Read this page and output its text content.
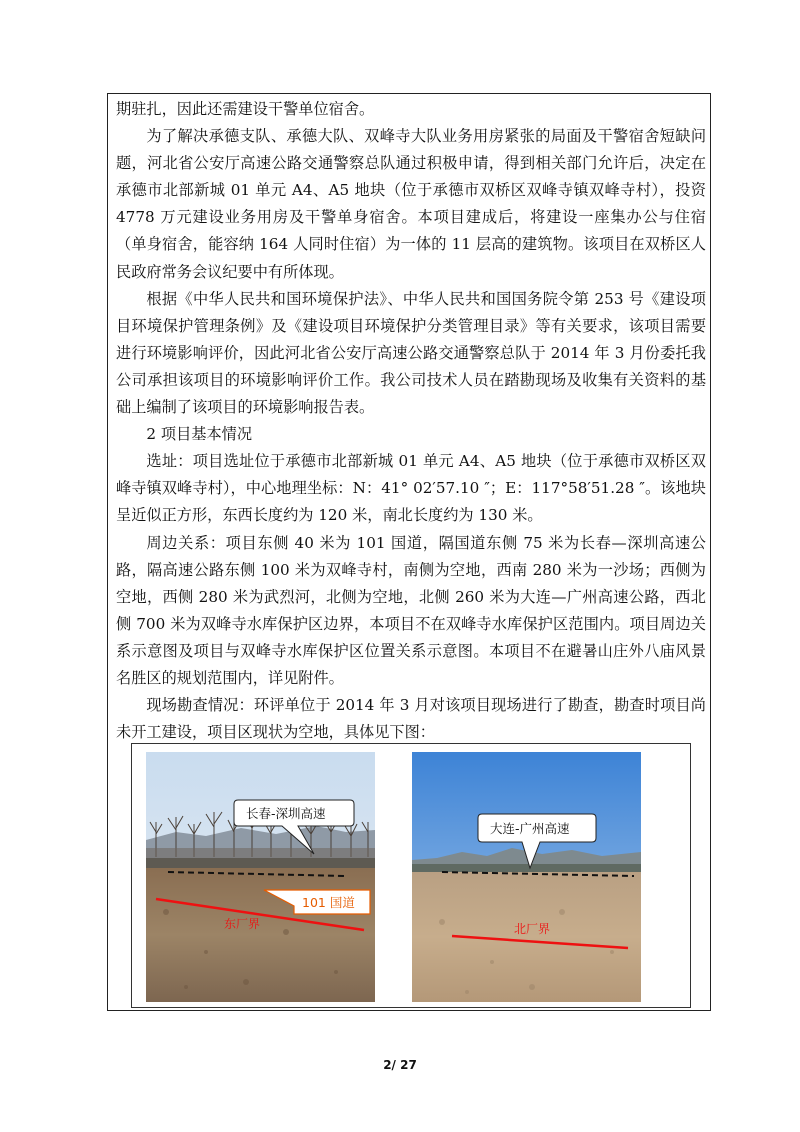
期驻扎，因此还需建设干警单位宿舍。

为了解决承德支队、承德大队、双峰寺大队业务用房紧张的局面及干警宿舍短缺问题，河北省公安厅高速公路交通警察总队通过积极申请，得到相关部门允许后，决定在承德市北部新城 01 单元 A4、A5 地块（位于承德市双桥区双峰寺镇双峰寺村），投资 4778 万元建设业务用房及干警单身宿舍。本项目建成后，将建设一座集办公与住宿（单身宿舍，能容纳 164 人同时住宿）为一体的 11 层高的建筑物。该项目在双桥区人民政府常务会议纪要中有所体现。

根据《中华人民共和国环境保护法》、中华人民共和国国务院令第 253 号《建设项目环境保护管理条例》及《建设项目环境保护分类管理目录》等有关要求，该项目需要进行环境影响评价，因此河北省公安厅高速公路交通警察总队于 2014 年 3 月份委托我公司承担该项目的环境影响评价工作。我公司技术人员在踏勘现场及收集有关资料的基础上编制了该项目的环境影响报告表。

2 项目基本情况

选址：项目选址位于承德市北部新城 01 单元 A4、A5 地块（位于承德市双桥区双峰寺镇双峰寺村），中心地理坐标：N：41° 02′57.10 ″；E：117°58′51.28 ″。该地块呈近似正方形，东西长度约为 120 米，南北长度约为 130 米。

周边关系：项目东侧 40 米为 101 国道，隔国道东侧 75 米为长春—深圳高速公路，隔高速公路东侧 100 米为双峰寺村，南侧为空地，西南 280 米为一沙场；西侧为空地，西侧 280 米为武烈河，北侧为空地，北侧 260 米为大连—广州高速公路，西北侧 700 米为双峰寺水库保护区边界，本项目不在双峰寺水库保护区范围内。项目周边关系示意图及项目与双峰寺水库保护区位置关系示意图。本项目不在避暑山庄外八庙风景名胜区的规划范围内，详见附件。

现场勘查情况：环评单位于 2014 年 3 月对该项目现场进行了勘查，勘查时项目尚未开工建设，项目区现状为空地，具体见下图：

东厂界
长春-深圳高速
101 国道
北厂界
大连-广州高速
2/ 27
